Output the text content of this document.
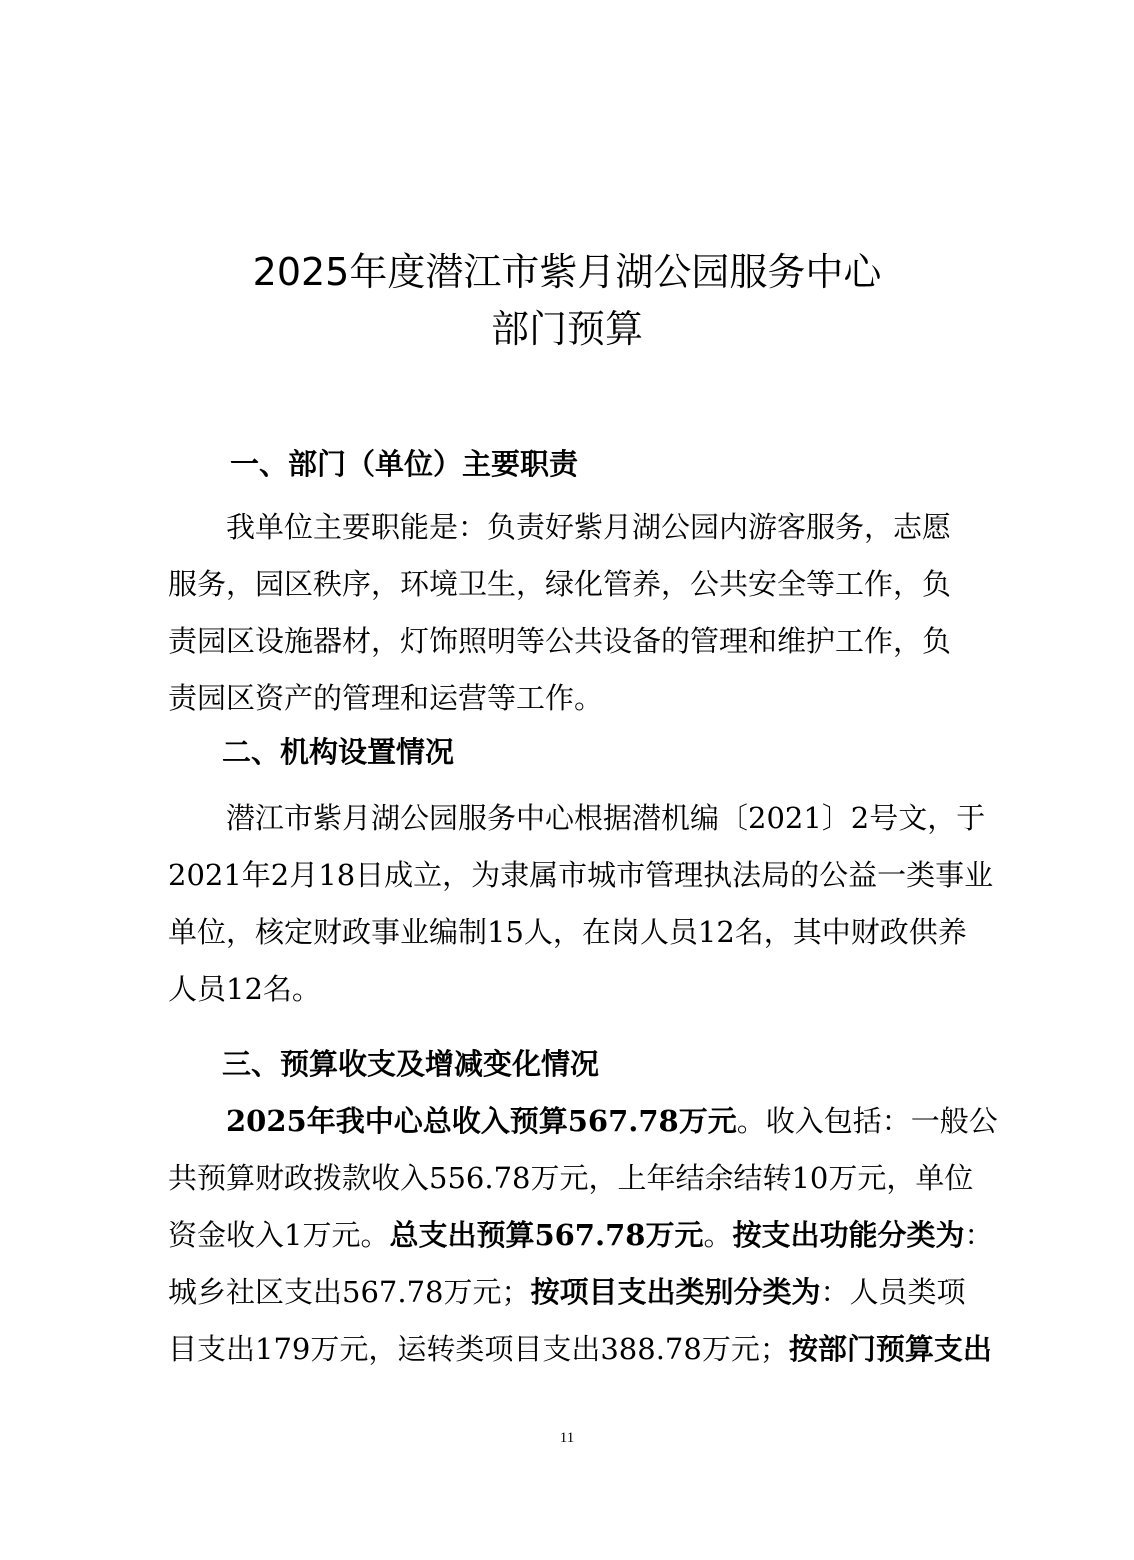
2025年度潜江市紫月湖公园服务中心
部门预算
一、部门（单位）主要职责
我单位主要职能是：负责好紫月湖公园内游客服务，志愿
服务，园区秩序，环境卫生，绿化管养，公共安全等工作，负
责园区设施器材，灯饰照明等公共设备的管理和维护工作，负
责园区资产的管理和运营等工作。
二、机构设置情况
潜江市紫月湖公园服务中心根据潜机编〔2021〕2号文，于
2021年2月18日成立，为隶属市城市管理执法局的公益一类事业
单位，核定财政事业编制15人，在岗人员12名，其中财政供养
人员12名。
三、预算收支及增减变化情况
2025年我中心总收入预算567.78万元。收入包括：一般公
共预算财政拨款收入556.78万元，上年结余结转10万元，单位
资金收入1万元。总支出预算567.78万元。按支出功能分类为：
城乡社区支出567.78万元；按项目支出类别分类为：人员类项
目支出179万元，运转类项目支出388.78万元；按部门预算支出
11
